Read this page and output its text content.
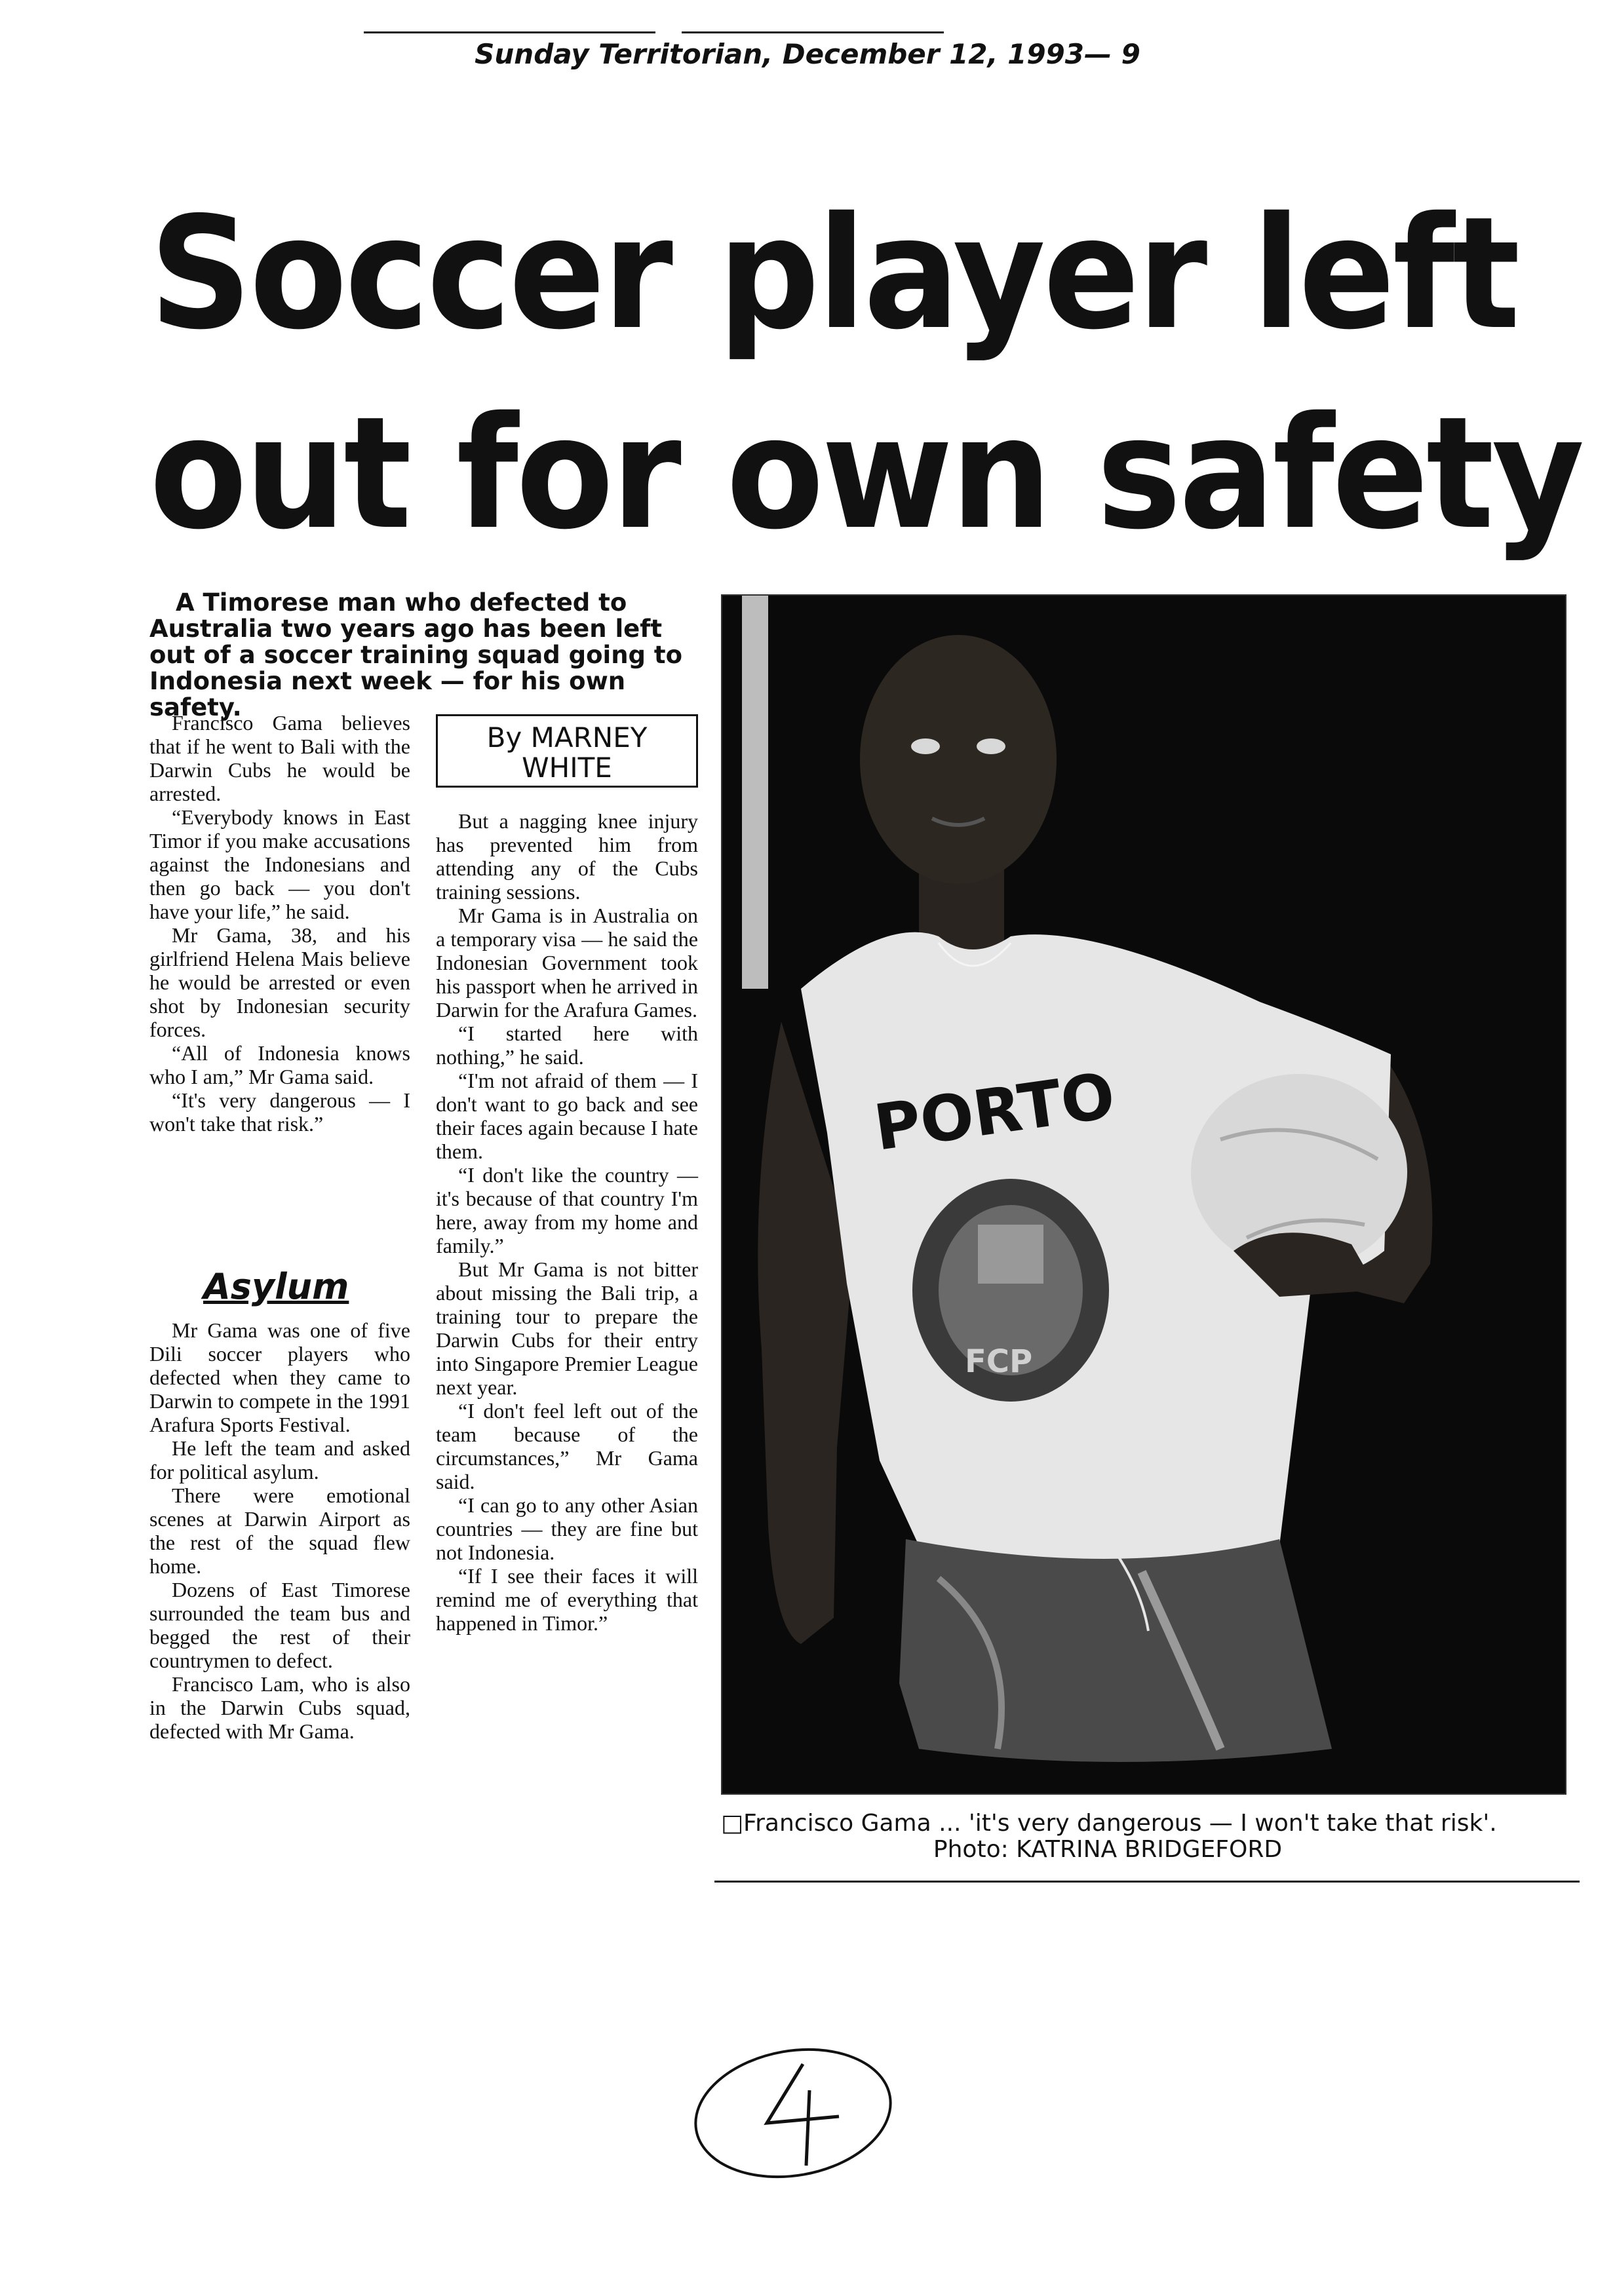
Sunday Territorian, December 12, 1993— 9
Soccer player left
out for own safety
A Timorese man who defected to Australia two years ago has been left out of a soccer training squad going to Indonesia next week — for his own safety.

Francisco Gama believes that if he went to Bali with the Darwin Cubs he would be arrested.

“Everybody knows in East Timor if you make accusations against the Indonesians and then go back — you don't have your life,” he said.

Mr Gama, 38, and his girlfriend Helena Mais believe he would be arrested or even shot by Indonesian security forces.

“All of Indonesia knows who I am,” Mr Gama said.

“It's very dangerous — I won't take that risk.”

Asylum

Mr Gama was one of five Dili soccer players who defected when they came to Darwin to compete in the 1991 Arafura Sports Festival.

He left the team and asked for political asylum.

There were emotional scenes at Darwin Airport as the rest of the squad flew home.

Dozens of East Timorese surrounded the team bus and begged the rest of their countrymen to defect.

Francisco Lam, who is also in the Darwin Cubs squad, defected with Mr Gama.

By MARNEY
WHITE

But a nagging knee injury has prevented him from attending any of the Cubs training sessions.

Mr Gama is in Australia on a temporary visa — he said the Indonesian Government took his passport when he arrived in Darwin for the Arafura Games.

“I started here with nothing,” he said.

“I'm not afraid of them — I don't want to go back and see their faces again because I hate them.

“I don't like the country — it's because of that country I'm here, away from my home and family.”

But Mr Gama is not bitter about missing the Bali trip, a training tour to prepare the Darwin Cubs for their entry into Singapore Premier League next year.

“I don't feel left out of the team because of the circumstances,” Mr Gama said.

“I can go to any other Asian countries — they are fine but not Indonesia.

“If I see their faces it will remind me of everything that happened in Timor.”

FCP
PORTO
□Francisco Gama ... 'it's very dangerous — I won't take that risk'.
Photo: KATRINA BRIDGEFORD
